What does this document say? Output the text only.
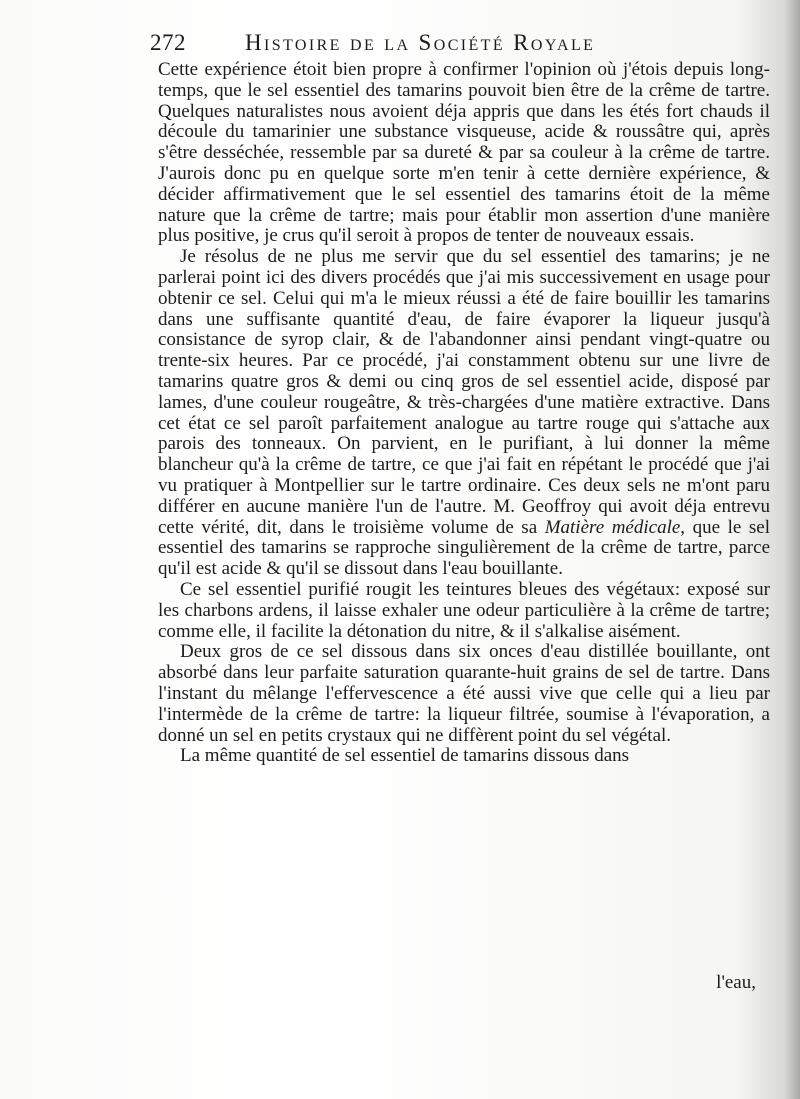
272	Histoire de la Société Royale

Cette expérience étoit bien propre à confirmer l'opinion où j'étois depuis long-temps, que le sel essentiel des tamarins pouvoit bien être de la crême de tartre. Quelques naturalistes nous avoient déja appris que dans les étés fort chauds il découle du tamarinier une substance visqueuse, acide & roussâtre qui, après s'être desséchée, ressemble par sa dureté & par sa couleur à la crême de tartre. J'aurois donc pu en quelque sorte m'en tenir à cette dernière expérience, & décider affirmativement que le sel essentiel des tamarins étoit de la même nature que la crême de tartre; mais pour établir mon assertion d'une manière plus positive, je crus qu'il seroit à propos de tenter de nouveaux essais.

Je résolus de ne plus me servir que du sel essentiel des tamarins; je ne parlerai point ici des divers procédés que j'ai mis successivement en usage pour obtenir ce sel. Celui qui m'a le mieux réussi a été de faire bouillir les tamarins dans une suffisante quantité d'eau, de faire évaporer la liqueur jusqu'à consistance de syrop clair, & de l'abandonner ainsi pendant vingt-quatre ou trente-six heures. Par ce procédé, j'ai constamment obtenu sur une livre de tamarins quatre gros & demi ou cinq gros de sel essentiel acide, disposé par lames, d'une couleur rougeâtre, & très-chargées d'une matière extractive. Dans cet état ce sel paroît parfaitement analogue au tartre rouge qui s'attache aux parois des tonneaux. On parvient, en le purifiant, à lui donner la même blancheur qu'à la crême de tartre, ce que j'ai fait en répétant le procédé que j'ai vu pratiquer à Montpellier sur le tartre ordinaire. Ces deux sels ne m'ont paru différer en aucune manière l'un de l'autre. M. Geoffroy qui avoit déja entrevu cette vérité, dit, dans le troisième volume de sa Matière médicale, que le sel essentiel des tamarins se rapproche singulièrement de la crême de tartre, parce qu'il est acide & qu'il se dissout dans l'eau bouillante.

Ce sel essentiel purifié rougit les teintures bleues des végétaux: exposé sur les charbons ardens, il laisse exhaler une odeur particulière à la crême de tartre; comme elle, il facilite la détonation du nitre, & il s'alkalise aisément.

Deux gros de ce sel dissous dans six onces d'eau distillée bouillante, ont absorbé dans leur parfaite saturation quarante-huit grains de sel de tartre. Dans l'instant du mêlange l'effervescence a été aussi vive que celle qui a lieu par l'intermède de la crême de tartre: la liqueur filtrée, soumise à l'évaporation, a donné un sel en petits crystaux qui ne diffèrent point du sel végétal.

La même quantité de sel essentiel de tamarins dissous dans

l'eau,
